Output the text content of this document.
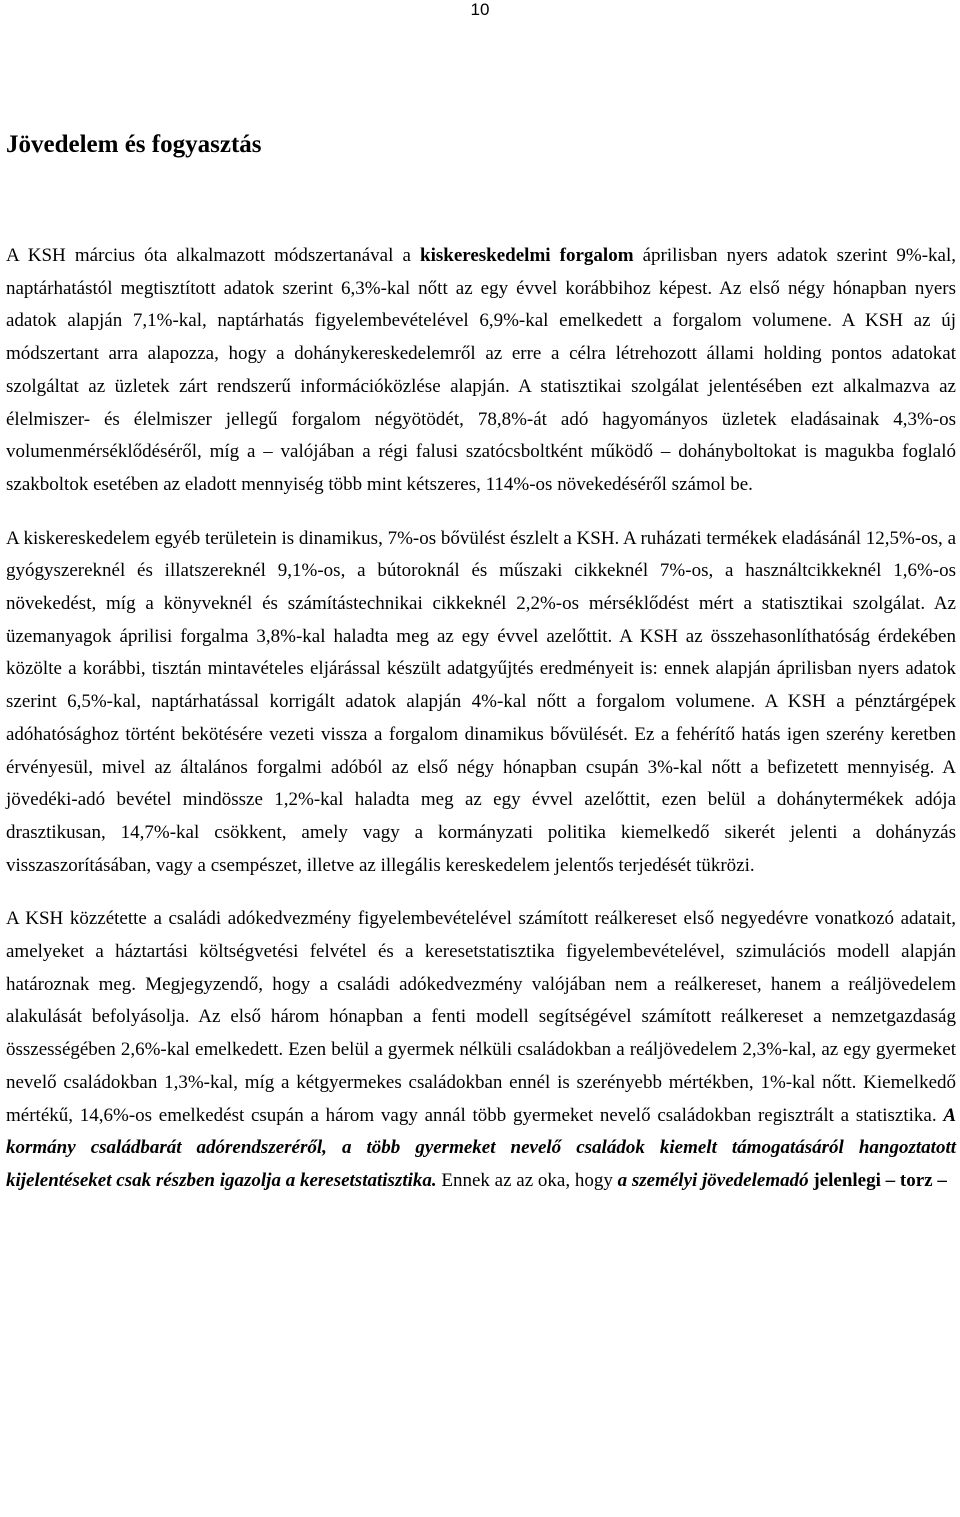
10
Jövedelem és fogyasztás

A KSH március óta alkalmazott módszertanával a kiskereskedelmi forgalom áprilisban nyers adatok szerint 9%-kal, naptárhatástól megtisztított adatok szerint 6,3%-kal nőtt az egy évvel korábbihoz képest. Az első négy hónapban nyers adatok alapján 7,1%-kal, naptárhatás figyelembevételével 6,9%-kal emelkedett a forgalom volumene. A KSH az új módszertant arra alapozza, hogy a dohánykereskedelemről az erre a célra létrehozott állami holding pontos adatokat szolgáltat az üzletek zárt rendszerű információközlése alapján. A statisztikai szolgálat jelentésében ezt alkalmazva az élelmiszer- és élelmiszer jellegű forgalom négyötödét, 78,8%-át adó hagyományos üzletek eladásainak 4,3%-os volumenmérséklődéséről, míg a – valójában a régi falusi szatócsboltként működő – dohányboltokat is magukba foglaló szakboltok esetében az eladott mennyiség több mint kétszeres, 114%-os növekedéséről számol be.

A kiskereskedelem egyéb területein is dinamikus, 7%-os bővülést észlelt a KSH. A ruházati termékek eladásánál 12,5%-os, a gyógyszereknél és illatszereknél 9,1%-os, a bútoroknál és műszaki cikkeknél 7%-os, a használtcikkeknél 1,6%-os növekedést, míg a könyveknél és számítástechnikai cikkeknél 2,2%-os mérséklődést mért a statisztikai szolgálat. Az üzemanyagok áprilisi forgalma 3,8%-kal haladta meg az egy évvel azelőttit. A KSH az összehasonlíthatóság érdekében közölte a korábbi, tisztán mintavételes eljárással készült adatgyűjtés eredményeit is: ennek alapján áprilisban nyers adatok szerint 6,5%-kal, naptárhatással korrigált adatok alapján 4%-kal nőtt a forgalom volumene. A KSH a pénztárgépek adóhatósághoz történt bekötésére vezeti vissza a forgalom dinamikus bővülését. Ez a fehérítő hatás igen szerény keretben érvényesül, mivel az általános forgalmi adóból az első négy hónapban csupán 3%-kal nőtt a befizetett mennyiség. A jövedéki-adó bevétel mindössze 1,2%-kal haladta meg az egy évvel azelőttit, ezen belül a dohánytermékek adója drasztikusan, 14,7%-kal csökkent, amely vagy a kormányzati politika kiemelkedő sikerét jelenti a dohányzás visszaszorításában, vagy a csempészet, illetve az illegális kereskedelem jelentős terjedését tükrözi.

A KSH közzétette a családi adókedvezmény figyelembevételével számított reálkereset első negyedévre vonatkozó adatait, amelyeket a háztartási költségvetési felvétel és a keresetstatisztika figyelembevételével, szimulációs modell alapján határoznak meg. Megjegyzendő, hogy a családi adókedvezmény valójában nem a reálkereset, hanem a reáljövedelem alakulását befolyásolja. Az első három hónapban a fenti modell segítségével számított reálkereset a nemzetgazdaság összességében 2,6%-kal emelkedett. Ezen belül a gyermek nélküli családokban a reáljövedelem 2,3%-kal, az egy gyermeket nevelő családokban 1,3%-kal, míg a kétgyermekes családokban ennél is szerényebb mértékben, 1%-kal nőtt. Kiemelkedő mértékű, 14,6%-os emelkedést csupán a három vagy annál több gyermeket nevelő családokban regisztrált a statisztika. A kormány családbarát adórendszeréről, a több gyermeket nevelő családok kiemelt támogatásáról hangoztatott kijelentéseket csak részben igazolja a keresetstatisztika. Ennek az az oka, hogy a személyi jövedelemadó jelenlegi – torz –
